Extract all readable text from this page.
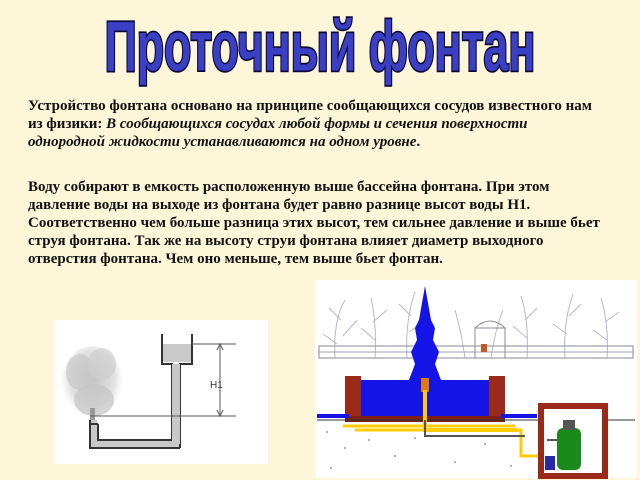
Проточный фонтан

Устройство фонтана основано на принципе сообщающихся сосудов известного нам из физики: В сообщающихся сосудах любой формы и сечения поверхности однородной жидкости устанавливаются на одном уровне.

Воду собирают в емкость расположенную выше бассейна фонтана. При этом давление воды на выходе из фонтана будет равно разнице высот воды Н1. Соответственно чем больше разница этих высот, тем сильнее давление и выше бьет струя фонтана. Так же на высоту струи фонтана влияет диаметр выходного отверстия фонтана. Чем оно меньше, тем выше бьет фонтан.

H1
